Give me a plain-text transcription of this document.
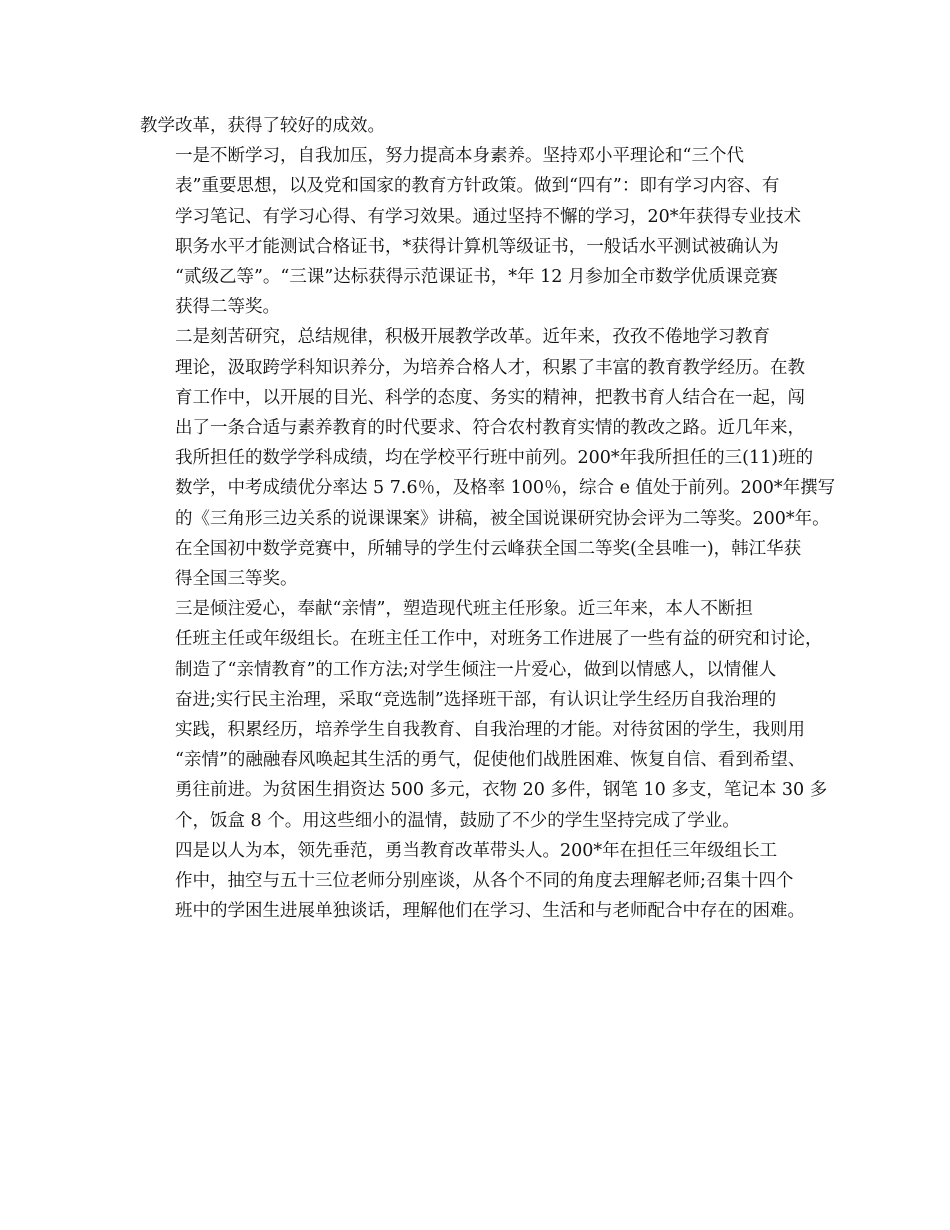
教学改革，获得了较好的成效。

一是不断学习，自我加压，努力提高本身素养。坚持邓小平理论和“三个代
表”重要思想，以及党和国家的教育方针政策。做到“四有”：即有学习内容、有
学习笔记、有学习心得、有学习效果。通过坚持不懈的学习，20*年获得专业技术
职务水平才能测试合格证书，*获得计算机等级证书，一般话水平测试被确认为
“贰级乙等”。“三课”达标获得示范课证书，*年 12 月参加全市数学优质课竞赛
获得二等奖。

二是刻苦研究，总结规律，积极开展教学改革。近年来，孜孜不倦地学习教育
理论，汲取跨学科知识养分，为培养合格人才，积累了丰富的教育教学经历。在教
育工作中，以开展的目光、科学的态度、务实的精神，把教书育人结合在一起，闯
出了一条合适与素养教育的时代要求、符合农村教育实情的教改之路。近几年来，
我所担任的数学学科成绩，均在学校平行班中前列。200*年我所担任的三(11)班的
数学，中考成绩优分率达 5 7.6％，及格率 100％，综合 e 值处于前列。200*年撰写
的《三角形三边关系的说课课案》讲稿，被全国说课研究协会评为二等奖。200*年。
在全国初中数学竞赛中，所辅导的学生付云峰获全国二等奖(全县唯一)，韩江华获
得全国三等奖。

三是倾注爱心，奉献“亲情”，塑造现代班主任形象。近三年来，本人不断担
任班主任或年级组长。在班主任工作中，对班务工作进展了一些有益的研究和讨论，
制造了“亲情教育”的工作方法;对学生倾注一片爱心，做到以情感人，以情催人
奋进;实行民主治理，采取“竞选制”选择班干部，有认识让学生经历自我治理的
实践，积累经历，培养学生自我教育、自我治理的才能。对待贫困的学生，我则用
“亲情”的融融春风唤起其生活的勇气，促使他们战胜困难、恢复自信、看到希望、
勇往前进。为贫困生捐资达 500 多元，衣物 20 多件，钢笔 10 多支，笔记本 30 多
个，饭盒 8 个。用这些细小的温情，鼓励了不少的学生坚持完成了学业。

四是以人为本，领先垂范，勇当教育改革带头人。200*年在担任三年级组长工
作中，抽空与五十三位老师分别座谈，从各个不同的角度去理解老师;召集十四个
班中的学困生进展单独谈话，理解他们在学习、生活和与老师配合中存在的困难。
